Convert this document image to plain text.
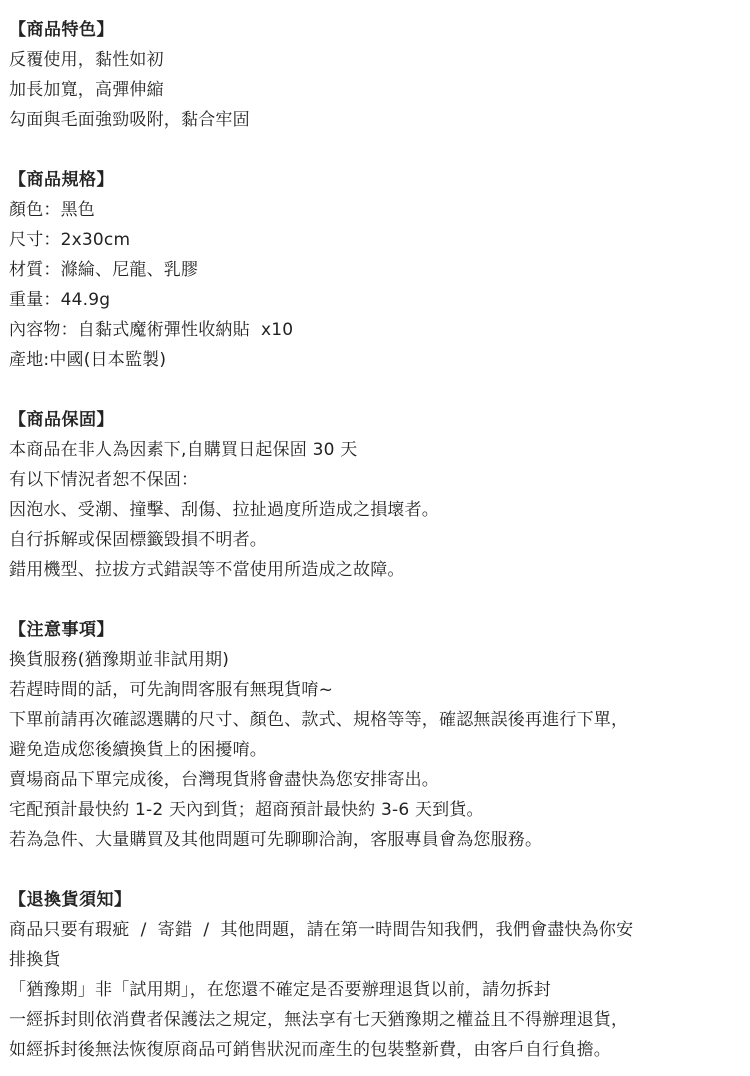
【商品特色】
反覆使用，黏性如初
加長加寬，高彈伸縮
勾面與毛面強勁吸附，黏合牢固
【商品規格】
顏色：黑色
尺寸：2x30cm
材質：滌綸、尼龍、乳膠
重量：44.9g
內容物：自黏式魔術彈性收納貼  x10
產地:中國(日本監製)
【商品保固】
本商品在非人為因素下,自購買日起保固 30 天
有以下情況者恕不保固：
因泡水、受潮、撞擊、刮傷、拉扯過度所造成之損壞者。
自行拆解或保固標籤毀損不明者。
錯用機型、拉拔方式錯誤等不當使用所造成之故障。
【注意事項】
換貨服務(猶豫期並非試用期)
若趕時間的話，可先詢問客服有無現貨唷~
下單前請再次確認選購的尺寸、顏色、款式、規格等等，確認無誤後再進行下單，
避免造成您後續換貨上的困擾唷。
賣場商品下單完成後，台灣現貨將會盡快為您安排寄出。
宅配預計最快約 1-2 天內到貨；超商預計最快約 3-6 天到貨。
若為急件、大量購買及其他問題可先聊聊洽詢，客服專員會為您服務。
【退換貨須知】
商品只要有瑕疵  /  寄錯  /  其他問題，請在第一時間告知我們，我們會盡快為你安
排換貨
「猶豫期」非「試用期」，在您還不確定是否要辦理退貨以前，請勿拆封
一經拆封則依消費者保護法之規定，無法享有七天猶豫期之權益且不得辦理退貨，
如經拆封後無法恢復原商品可銷售狀況而產生的包裝整新費，由客戶自行負擔。
